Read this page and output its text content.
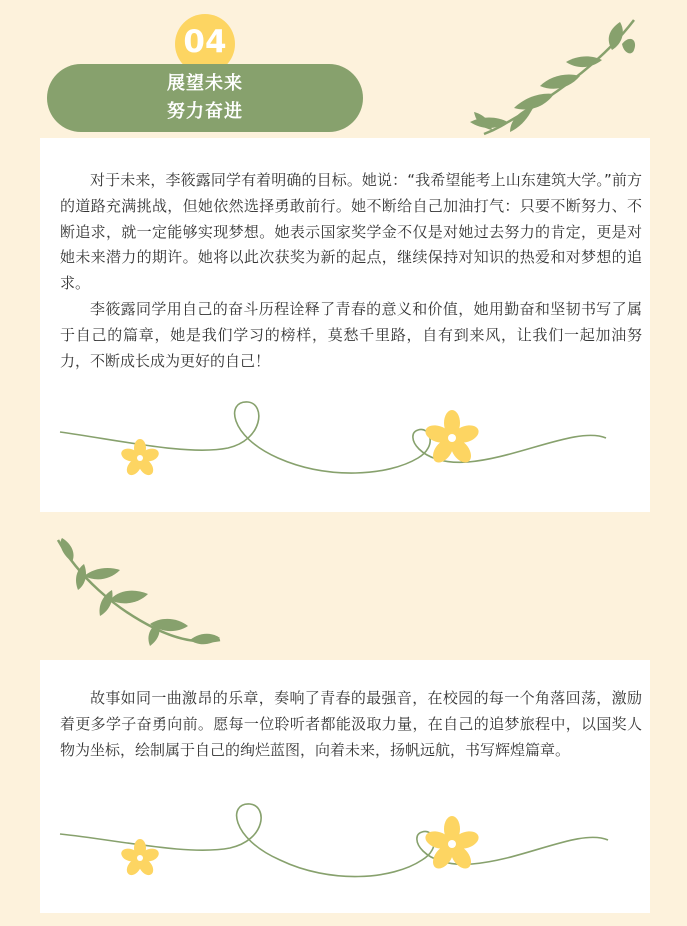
04
展望未来
努力奋进

对于未来，李筱露同学有着明确的目标。她说：“我希望能考上山东建筑大学。”前方的道路充满挑战，但她依然选择勇敢前行。她不断给自己加油打气：只要不断努力、不断追求，就一定能够实现梦想。她表示国家奖学金不仅是对她过去努力的肯定，更是对她未来潜力的期许。她将以此次获奖为新的起点，继续保持对知识的热爱和对梦想的追求。

李筱露同学用自己的奋斗历程诠释了青春的意义和价值，她用勤奋和坚韧书写了属于自己的篇章，她是我们学习的榜样，莫愁千里路，自有到来风，让我们一起加油努力，不断成长成为更好的自己！

故事如同一曲激昂的乐章，奏响了青春的最强音，在校园的每一个角落回荡，激励着更多学子奋勇向前。愿每一位聆听者都能汲取力量，在自己的追梦旅程中，以国奖人物为坐标，绘制属于自己的绚烂蓝图，向着未来，扬帆远航，书写辉煌篇章。
